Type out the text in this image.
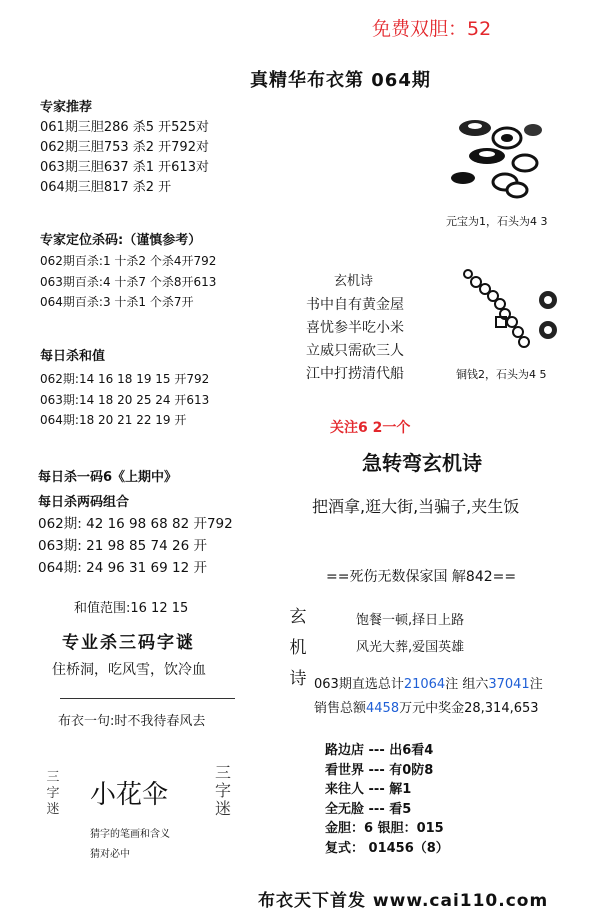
免费双胆：52
真精华布衣第 064期
专家推荐
061期三胆286 杀5 开525对
062期三胆753 杀2 开792对
063期三胆637 杀1 开613对
064期三胆817 杀2 开
专家定位杀码:（谨慎参考）
062期百杀:1 十杀2 个杀4开792
063期百杀:4 十杀7 个杀8开613
064期百杀:3 十杀1 个杀7开
每日杀和值
062期:14 16 18 19 15 开792
063期:14 18 20 25 24 开613
064期:18 20 21 22 19 开
每日杀一码6《上期中》
每日杀两码组合
062期: 42 16 98 68 82 开792
063期: 21 98 85 74 26 开
064期: 24 96 31 69 12 开
和值范围:16 12 15
专业杀三码字谜
住桥洞，吃风雪，饮冷血
布衣一句:时不我待春风去
三
字
迷
三
字
迷
小花伞
猜字的笔画和含义
猜对必中
元宝为1，石头为4 3
铜钱2，石头为4 5
玄机诗
书中自有黄金屋
喜忧参半吃小米
立威只需砍三人
江中打捞清代船
关注6 2一个
急转弯玄机诗
把酒拿,逛大街,当骗子,夹生饭
==死伤无数保家国 解842==
玄
机
诗
饱餐一顿,择日上路
风光大葬,爱国英雄
063期直选总计21064注 组六37041注
销售总额4458万元中奖金28,314,653
路边店 --- 出6看4
看世界 --- 有0防8
来往人 --- 解1
全无脸 --- 看5
金胆：6 银胆：015
复式： 01456（8）
布衣天下首发 www.cai110.com
